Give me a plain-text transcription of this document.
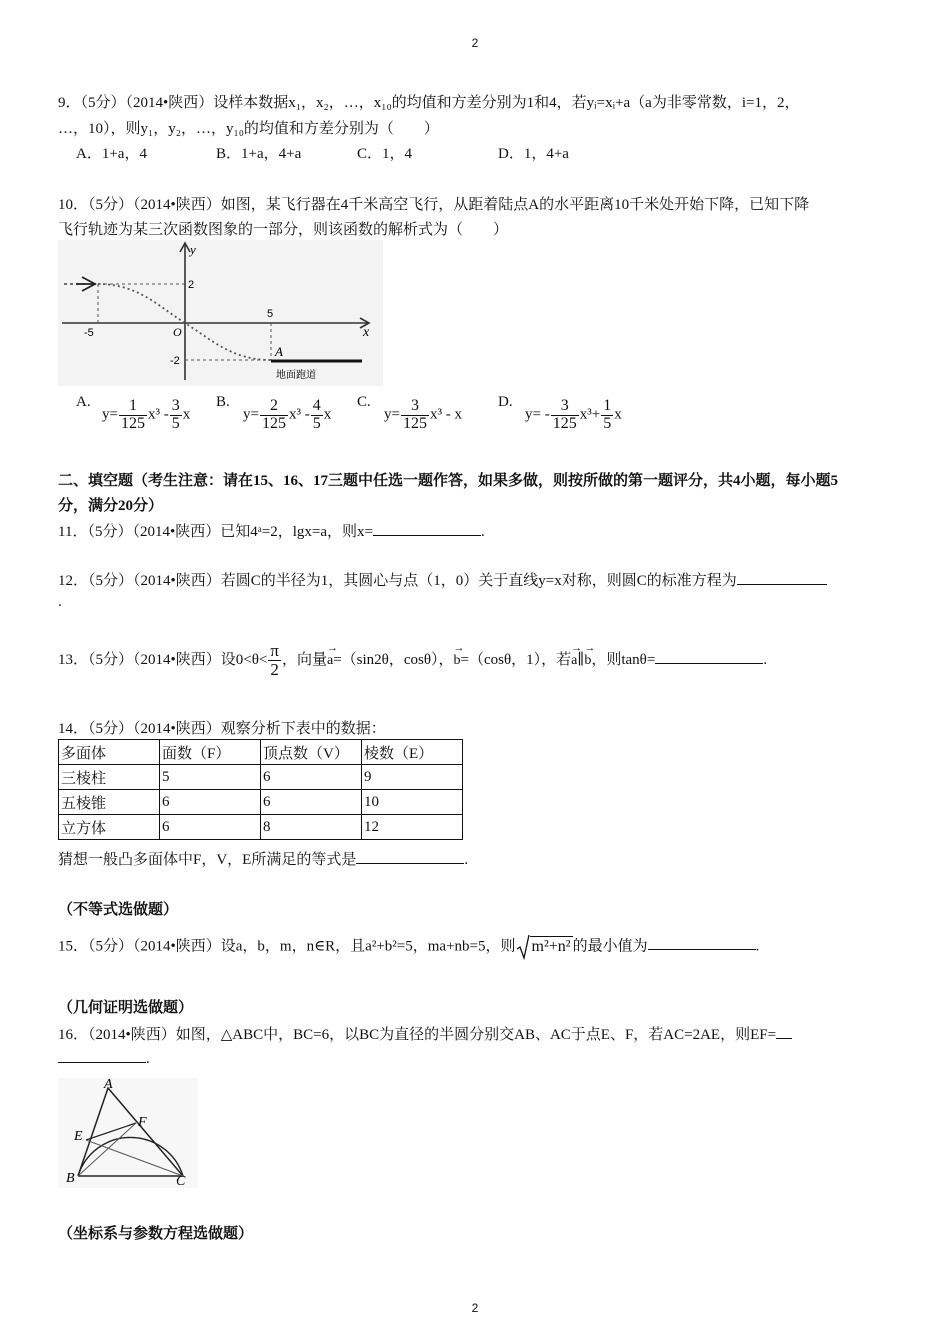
2
9．（5分）（2014•陕西）设样本数据x₁，x₂，…，x₁₀的均值和方差分别为1和4，若yᵢ=xᵢ+a（a为非零常数，i=1，2，
…，10），则y₁，y₂，…，y₁₀的均值和方差分别为（　　）
A．1+a，4	B．1+a，4+a	C．1，4	D．1，4+a
10．（5分）（2014•陕西）如图，某飞行器在4千米高空飞行，从距着陆点A的水平距离10千米处开始下降，已知下降
飞行轨迹为某三次函数图象的一部分，则该函数的解析式为（　　）
y
x
2
-2
-5
5
O
A
地面跑道
A.
$y= \frac{1}{125} x^3 - \frac{3}{5}$ x
B.
$y= \frac{2}{125} x^3 - \frac{4}{5}$ x
C.
$y= \frac{3}{125} x^3 - x$
D.
$y= - \frac{3}{125} x^3+ \frac{1}{5}$ x
二、填空题（考生注意：请在15、16、17三题中任选一题作答，如果多做，则按所做的第一题评分，共4小题，每小题5
分，满分20分）
11．（5分）（2014•陕西）已知4ᵃ=2，lgx=a，则x=	.
12．（5分）（2014•陕西）若圆C的半径为1，其圆心与点（1，0）关于直线y=x对称，则圆C的标准方程为
.
13．（5分）（2014•陕西）设$0<\theta< \frac{\pi}{2}$ ，向量→ a=（sin2θ，cosθ），→ b=（cosθ，1），若→ a∥→ b，则tanθ=	.
14．（5分）（2014•陕西）观察分析下表中的数据：
多面体	面数（F）	顶点数（V）	棱数（E）
三棱柱	5	6	9
五棱锥	6	6	10
立方体	6	8	12
猜想一般凸多面体中F，V，E所满足的等式是	.
（不等式选做题）
15．（5分）（2014•陕西）设a，b，m，n∈R，且a²+b²=5，ma+nb=5，则 m²+n² 的最小值为	.
（几何证明选做题）
16．（2014•陕西）如图，△ABC中，BC=6，以BC为直径的半圆分别交AB、AC于点E、F，若AC=2AE，则EF=
.
A
B	C
E
F
（坐标系与参数方程选做题）
2
